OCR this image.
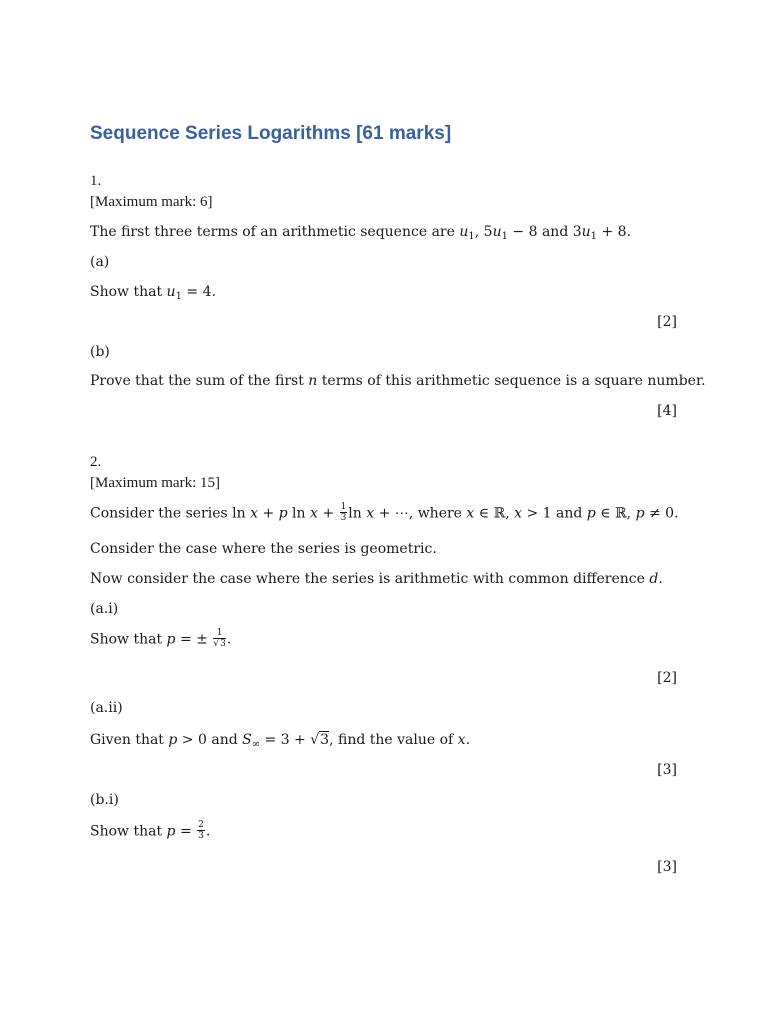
Sequence Series Logarithms [61 marks]
1.
[Maximum mark: 6]
The first three terms of an arithmetic sequence are $u_1$, $5u_1 - 8$ and $3u_1 + 8$.
(a)
Show that $u_1 = 4$.
[2]
(b)
Prove that the sum of the first n terms of this arithmetic sequence is a square number.
[4]
2.
[Maximum mark: 15]
Consider the series ln x + p $\ln x + \frac{1}{3}$ ln x + ⋯, where x ∈ ℝ, x > 1 and p ∈ ℝ, p ≠ 0.
Consider the case where the series is geometric.
Now consider the case where the series is arithmetic with common difference d.
(a.i)
Show that p = ± $\frac{1}{√3}$ .
[2]
(a.ii)
Given that p > 0 and $S_\infty = 3 + √3$, find the value of x.
[3]
(b.i)
Show that $p = \frac{2}{3}$ .
[3]
